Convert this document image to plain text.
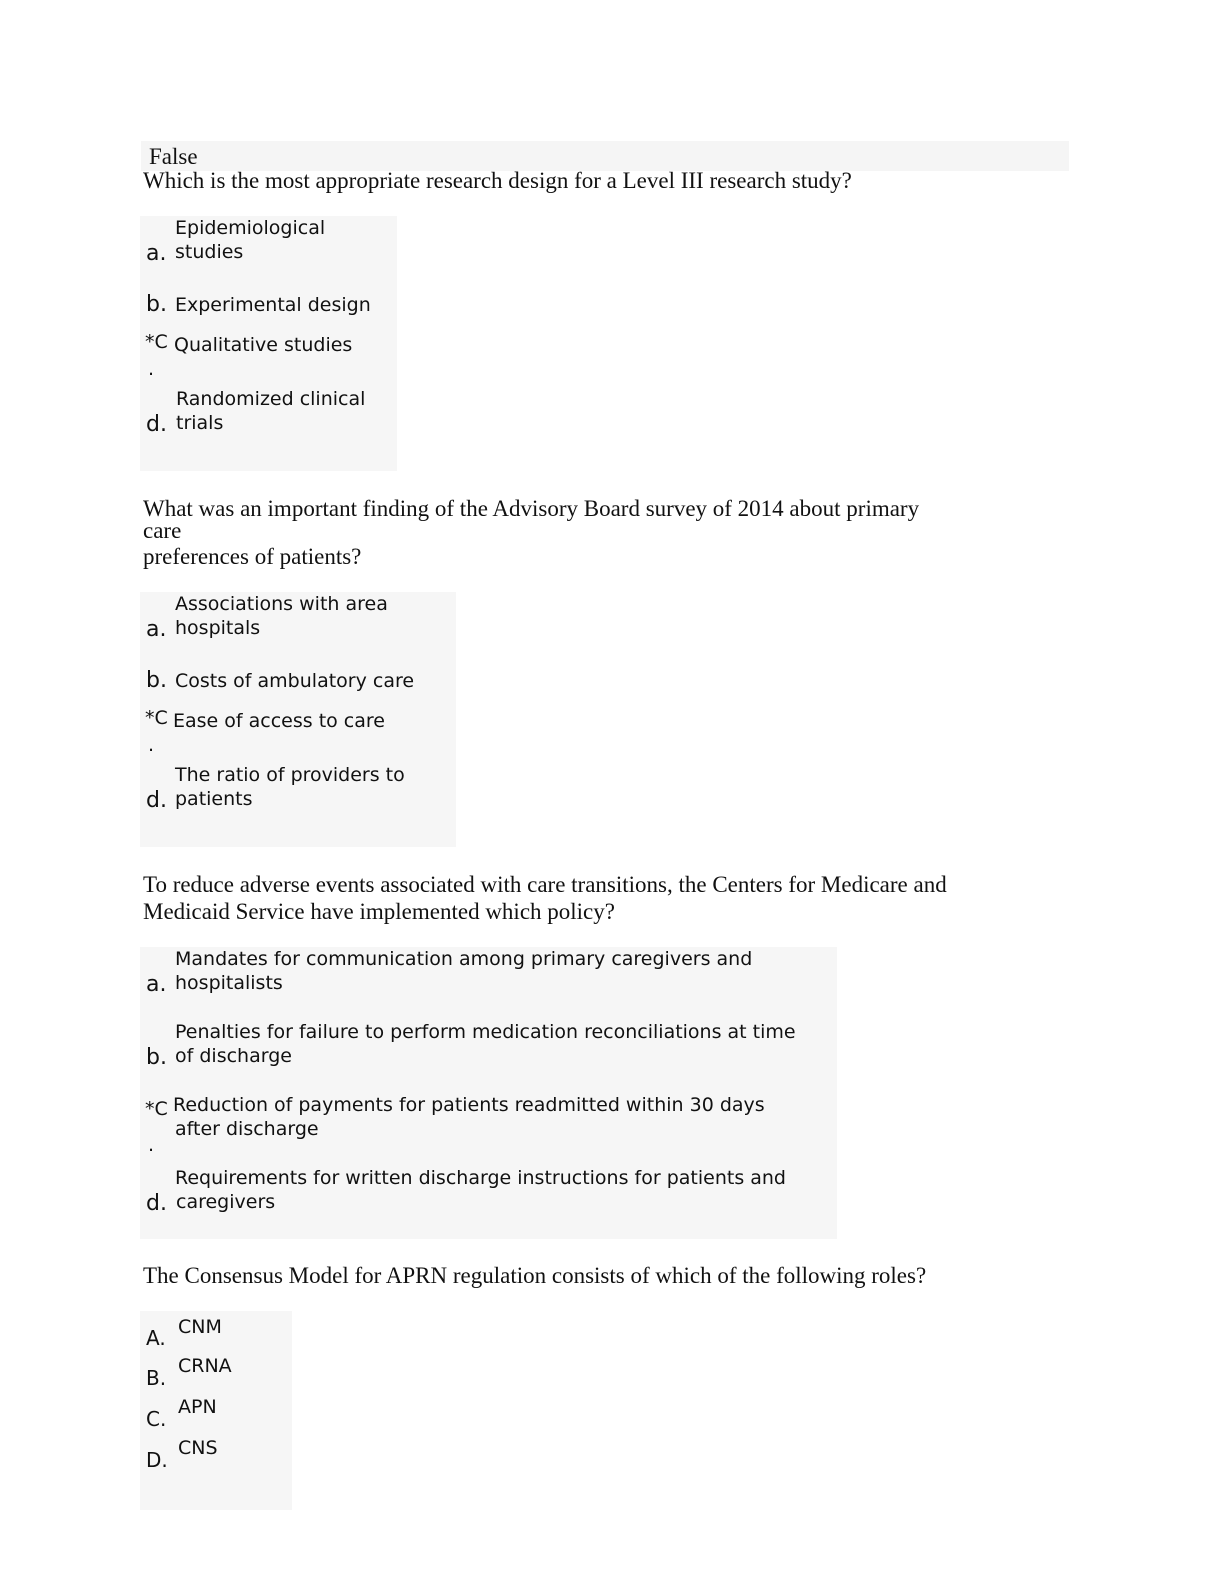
False
Which is the most appropriate research design for a Level III research study?
Epidemiological
a. studies
b. Experimental design
*C Qualitative studies
.
Randomized clinical
d. trials
What was an important finding of the Advisory Board survey of 2014 about primary
care
preferences of patients?
Associations with area
a. hospitals
b. Costs of ambulatory care
*C Ease of access to care
.
The ratio of providers to
d. patients
To reduce adverse events associated with care transitions, the Centers for Medicare and
Medicaid Service have implemented which policy?
Mandates for communication among primary caregivers and
a. hospitalists
Penalties for failure to perform medication reconciliations at time
b. of discharge
*C Reduction of payments for patients readmitted within 30 days
after discharge
.
Requirements for written discharge instructions for patients and
d. caregivers
The Consensus Model for APRN regulation consists of which of the following roles?
A. CNM
B. CRNA
C. APN
D. CNS
